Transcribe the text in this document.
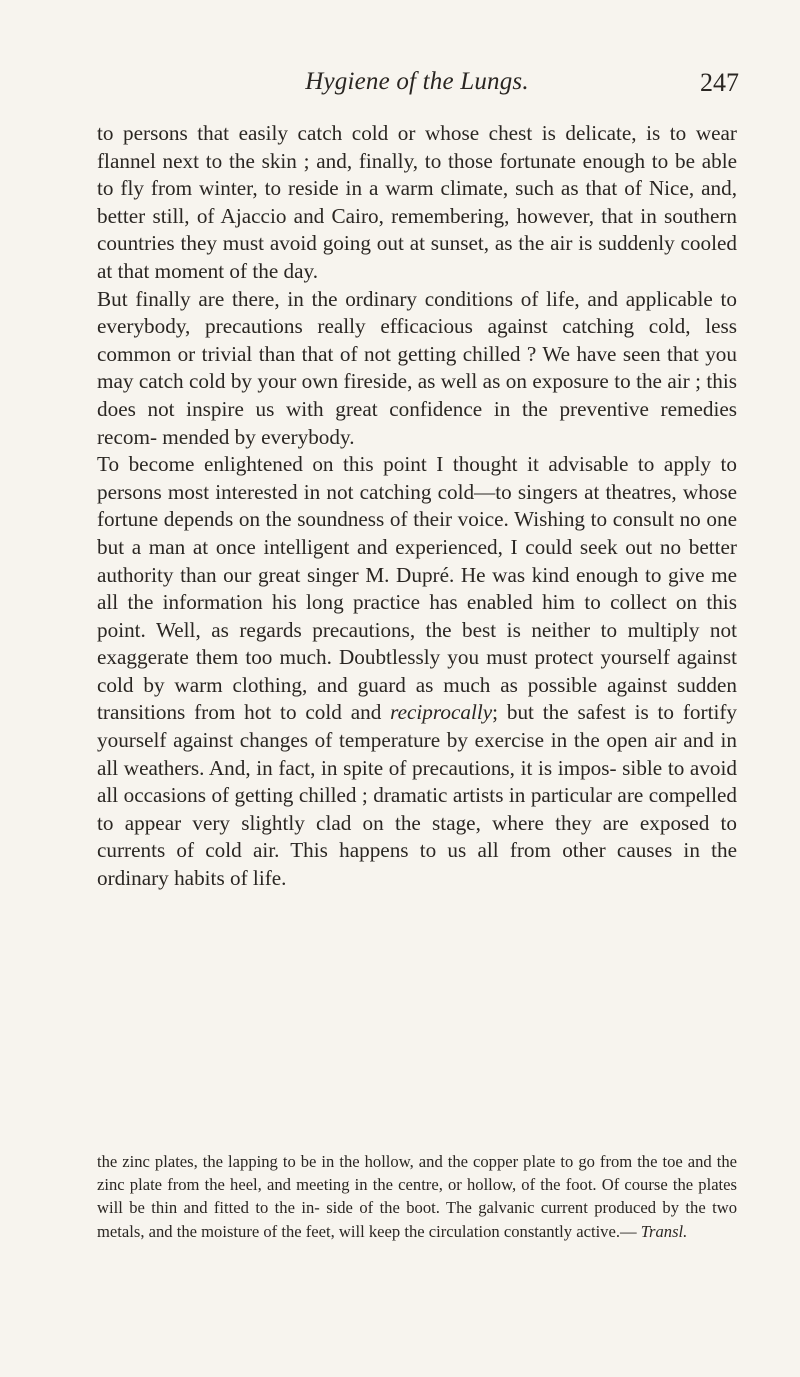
Hygiene of the Lungs.	247

to persons that easily catch cold or whose chest is delicate, is to wear flannel next to the skin ; and, finally, to those fortunate enough to be able to fly from winter, to reside in a warm climate, such as that of Nice, and, better still, of Ajaccio and Cairo, remembering, however, that in southern countries they must avoid going out at sunset, as the air is suddenly cooled at that moment of the day.

But finally are there, in the ordinary conditions of life, and applicable to everybody, precautions really efficacious against catching cold, less common or trivial than that of not getting chilled ? We have seen that you may catch cold by your own fireside, as well as on exposure to the air ; this does not inspire us with great confidence in the preventive remedies recom- mended by everybody.

To become enlightened on this point I thought it advisable to apply to persons most interested in not catching cold—to singers at theatres, whose fortune depends on the soundness of their voice. Wishing to consult no one but a man at once intelligent and experienced, I could seek out no better authority than our great singer M. Dupré. He was kind enough to give me all the information his long practice has enabled him to collect on this point. Well, as regards precautions, the best is neither to multiply not exaggerate them too much. Doubtlessly you must protect yourself against cold by warm clothing, and guard as much as possible against sudden transitions from hot to cold and reciprocally; but the safest is to fortify yourself against changes of temperature by exercise in the open air and in all weathers. And, in fact, in spite of precautions, it is impos- sible to avoid all occasions of getting chilled ; dramatic artists in particular are compelled to appear very slightly clad on the stage, where they are exposed to currents of cold air. This happens to us all from other causes in the ordinary habits of life.

the zinc plates, the lapping to be in the hollow, and the copper plate to go from the toe and the zinc plate from the heel, and meeting in the centre, or hollow, of the foot. Of course the plates will be thin and fitted to the in- side of the boot. The galvanic current produced by the two metals, and the moisture of the feet, will keep the circulation constantly active.— Transl.
